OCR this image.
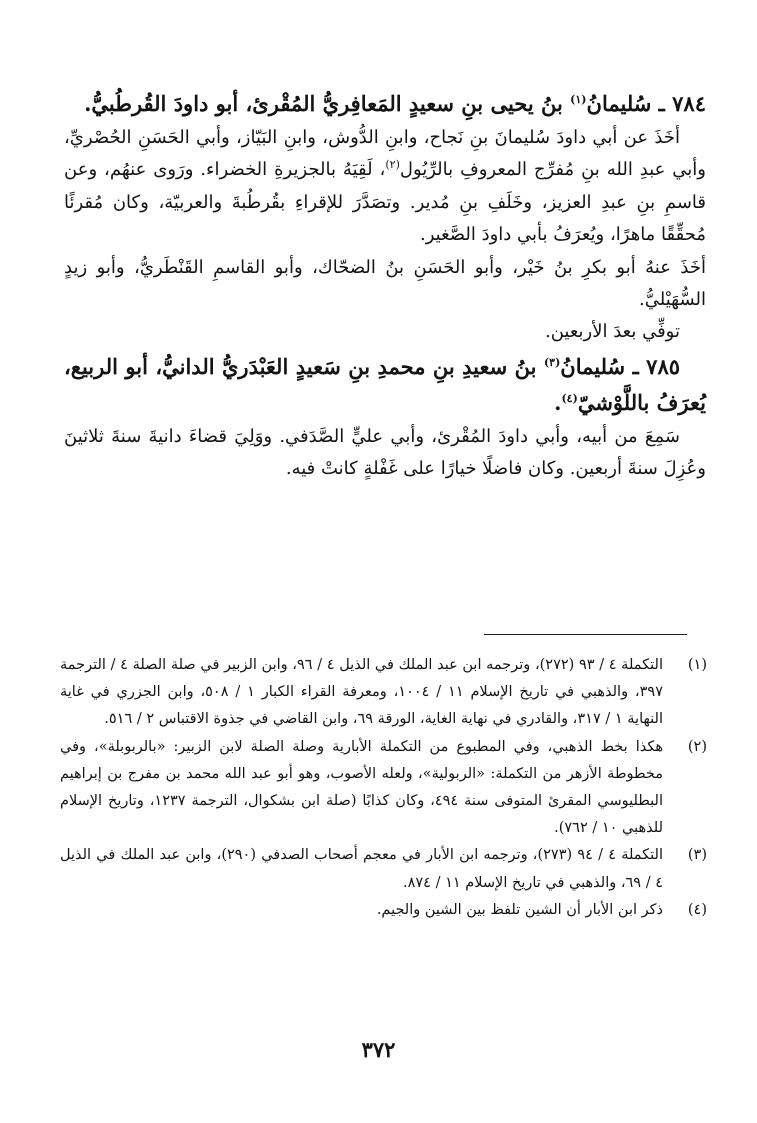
٧٨٤ ـ سُليمانُ$^{(١)}$ بنُ يحيى بنِ سعيدٍ المَعافِريُّ المُقْرئ، أبو داودَ القُرطُبيُّ.

أخَذَ عن أبي داودَ سُليمانَ بنِ نَجاح، وابنِ الدُّوش، وابنِ البَيّاز، وأبي الحَسَنِ الحُصْريِّ، وأبي عبدِ الله بنِ مُفرِّج المعروفِ بالرِّيُول$^{(٢)}$، لَقِيَهُ بالجزيرةِ الخضراء. ورَوى عنهُم، وعن قاسمِ بنِ عبدِ العزيز، وخَلَفِ بنِ مُدير. وتصَدَّرَ للإقراءِ بقُرطُبةَ والعربيّة، وكان مُقرئًا مُحقِّقًا ماهرًا، ويُعرَفُ بأبي داودَ الصَّغير.

أخَذَ عنهُ أبو بكرِ بنُ خَيْر، وأبو الحَسَنِ بنُ الضحّاك، وأبو القاسمِ القَنْطَريُّ، وأبو زيدٍ السُّهَيْليُّ.

توفِّي بعدَ الأربعين.

٧٨٥ ـ سُليمانُ$^{(٣)}$ بنُ سعيدِ بنِ محمدِ بنِ سَعيدٍ العَبْدَريُّ الدانيُّ، أبو الربيع، يُعرَفُ باللَّوْشيّ$^{(٤)}$.

سَمِعَ من أبيه، وأبي داودَ المُقْرئ، وأبي عليٍّ الصَّدَفي. ووَلِيَ قضاءَ دانيةَ سنةَ ثلاثينَ وعُزِلَ سنةَ أربعين. وكان فاضلًا خيارًا على غَفْلةٍ كانتْ فيه.

(١)
التكملة ٤ / ٩٣ (٢٧٢)، وترجمه ابن عبد الملك في الذيل ٤ / ٩٦، وابن الزبير في صلة الصلة ٤ / الترجمة ٣٩٧، والذهبي في تاريخ الإسلام ١١ / ١٠٠٤، ومعرفة القراء الكبار ١ / ٥٠٨، وابن الجزري في غاية النهاية ١ / ٣١٧، والقادري في نهاية الغاية، الورقة ٦٩، وابن القاضي في جذوة الاقتباس ٢ / ٥١٦.

(٢)
هكذا بخط الذهبي، وفي المطبوع من التكملة الأبارية وصلة الصلة لابن الزبير: «بالربوبلة»، وفي مخطوطة الأزهر من التكملة: «الربولية»، ولعله الأصوب، وهو أبو عبد الله محمد بن مفرج بن إبراهيم البطليوسي المقرئ المتوفى سنة ٤٩٤، وكان كذابًا (صلة ابن بشكوال، الترجمة ١٢٣٧، وتاريخ الإسلام للذهبي ١٠ / ٧٦٢).

(٣)
التكملة ٤ / ٩٤ (٢٧٣)، وترجمه ابن الأبار في معجم أصحاب الصدفي (٢٩٠)، وابن عبد الملك في الذيل ٤ / ٦٩، والذهبي في تاريخ الإسلام ١١ / ٨٧٤.

(٤)
ذكر ابن الأبار أن الشين تلفظ بين الشين والجيم.

٣٧٢
